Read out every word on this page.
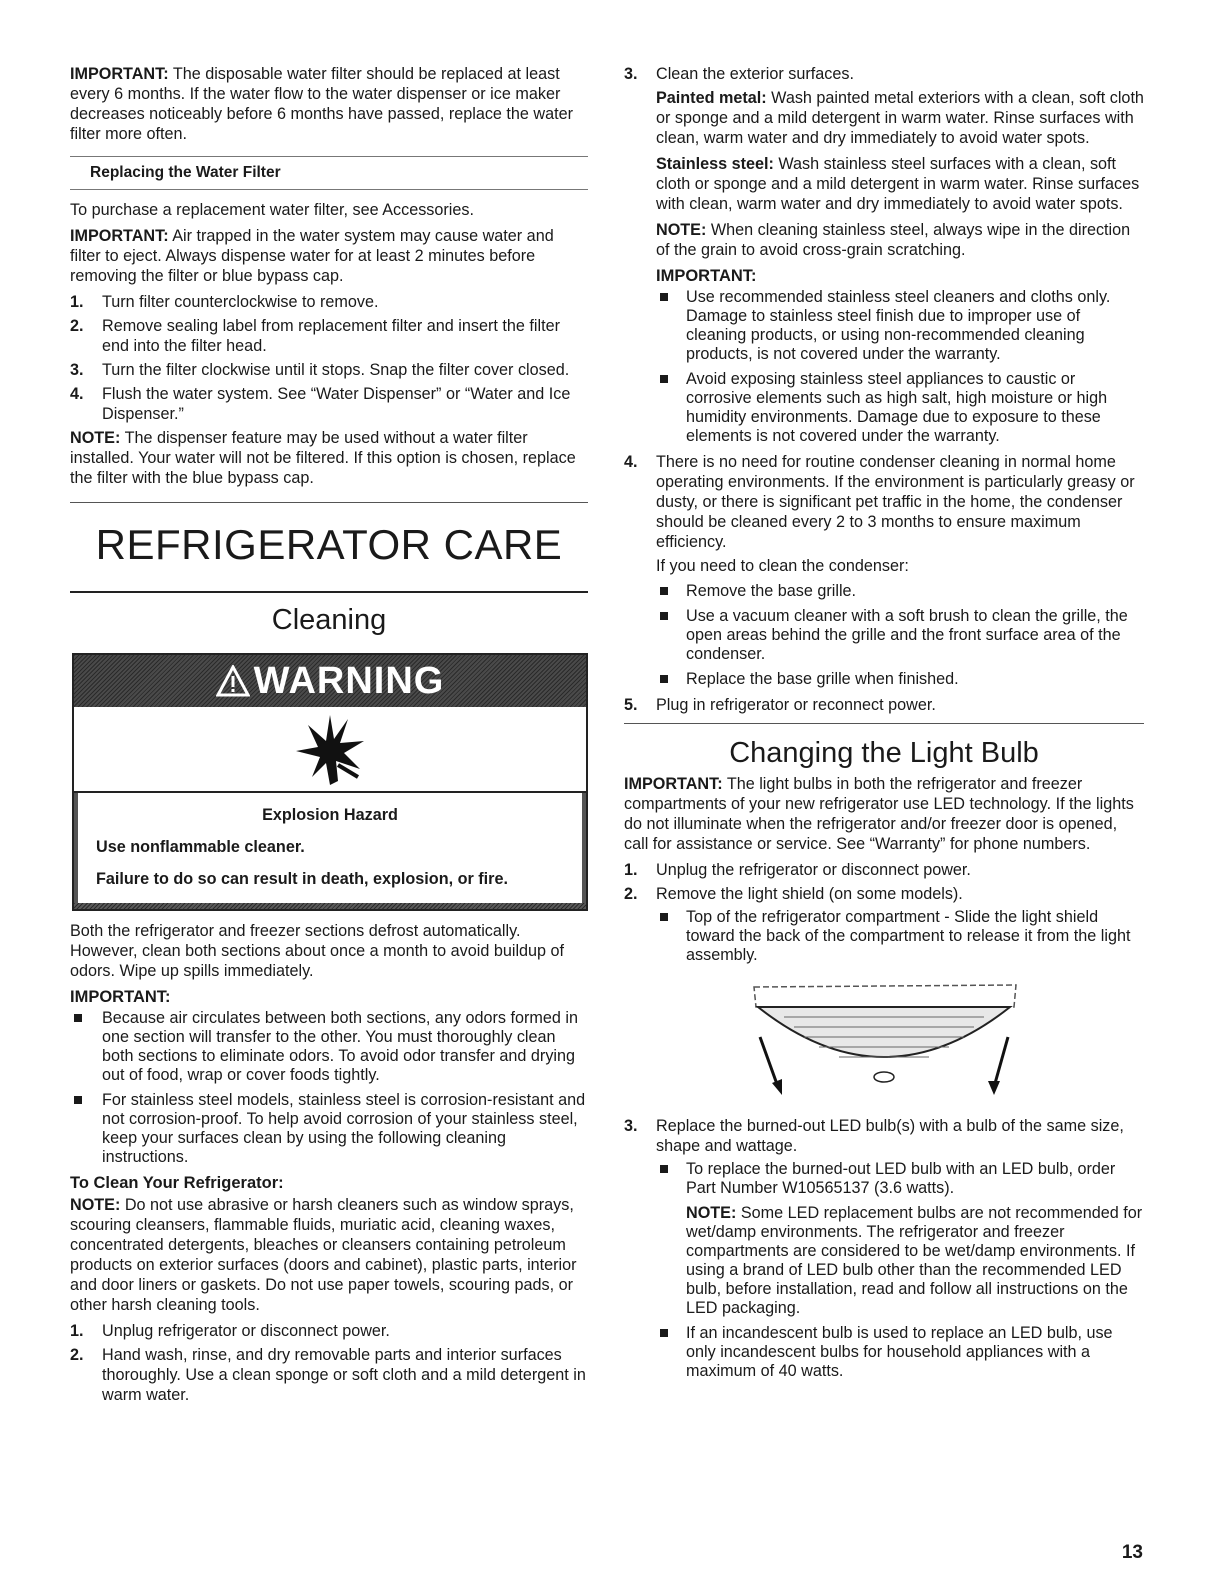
IMPORTANT: The disposable water filter should be replaced at least every 6 months. If the water flow to the water dispenser or ice maker decreases noticeably before 6 months have passed, replace the water filter more often.

Replacing the Water Filter

To purchase a replacement water filter, see Accessories.

IMPORTANT: Air trapped in the water system may cause water and filter to eject. Always dispense water for at least 2 minutes before removing the filter or blue bypass cap.

1. Turn filter counterclockwise to remove.
2. Remove sealing label from replacement filter and insert the filter end into the filter head.
3. Turn the filter clockwise until it stops. Snap the filter cover closed.
4. Flush the water system. See “Water Dispenser” or “Water and Ice Dispenser.”

NOTE: The dispenser feature may be used without a water filter installed. Your water will not be filtered. If this option is chosen, replace the filter with the blue bypass cap.

REFRIGERATOR CARE
Cleaning
WARNING
Explosion Hazard

Use nonflammable cleaner.

Failure to do so can result in death, explosion, or fire.

Both the refrigerator and freezer sections defrost automatically. However, clean both sections about once a month to avoid buildup of odors. Wipe up spills immediately.

IMPORTANT:
Because air circulates between both sections, any odors formed in one section will transfer to the other. You must thoroughly clean both sections to eliminate odors. To avoid odor transfer and drying out of food, wrap or cover foods tightly.
For stainless steel models, stainless steel is corrosion-resistant and not corrosion-proof. To help avoid corrosion of your stainless steel, keep your surfaces clean by using the following cleaning instructions.
To Clean Your Refrigerator:

NOTE: Do not use abrasive or harsh cleaners such as window sprays, scouring cleansers, flammable fluids, muriatic acid, cleaning waxes, concentrated detergents, bleaches or cleansers containing petroleum products on exterior surfaces (doors and cabinet), plastic parts, interior and door liners or gaskets. Do not use paper towels, scouring pads, or other harsh cleaning tools.

1. Unplug refrigerator or disconnect power.
2. Hand wash, rinse, and dry removable parts and interior surfaces thoroughly. Use a clean sponge or soft cloth and a mild detergent in warm water.
3. Clean the exterior surfaces.

Painted metal: Wash painted metal exteriors with a clean, soft cloth or sponge and a mild detergent in warm water. Rinse surfaces with clean, warm water and dry immediately to avoid water spots.

Stainless steel: Wash stainless steel surfaces with a clean, soft cloth or sponge and a mild detergent in warm water. Rinse surfaces with clean, warm water and dry immediately to avoid water spots.

NOTE: When cleaning stainless steel, always wipe in the direction of the grain to avoid cross-grain scratching.

IMPORTANT:
Use recommended stainless steel cleaners and cloths only. Damage to stainless steel finish due to improper use of cleaning products, or using non-recommended cleaning products, is not covered under the warranty.
Avoid exposing stainless steel appliances to caustic or corrosive elements such as high salt, high moisture or high humidity environments. Damage due to exposure to these elements is not covered under the warranty.
4. There is no need for routine condenser cleaning in normal home operating environments. If the environment is particularly greasy or dusty, or there is significant pet traffic in the home, the condenser should be cleaned every 2 to 3 months to ensure maximum efficiency.

If you need to clean the condenser:

Remove the base grille.
Use a vacuum cleaner with a soft brush to clean the grille, the open areas behind the grille and the front surface area of the condenser.
Replace the base grille when finished.
5. Plug in refrigerator or reconnect power.
Changing the Light Bulb

IMPORTANT: The light bulbs in both the refrigerator and freezer compartments of your new refrigerator use LED technology. If the lights do not illuminate when the refrigerator and/or freezer door is opened, call for assistance or service. See “Warranty” for phone numbers.

1. Unplug the refrigerator or disconnect power.
2. Remove the light shield (on some models).
Top of the refrigerator compartment - Slide the light shield toward the back of the compartment to release it from the light assembly.
3. Replace the burned-out LED bulb(s) with a bulb of the same size, shape and wattage.
To replace the burned-out LED bulb with an LED bulb, order Part Number W10565137 (3.6 watts).

NOTE: Some LED replacement bulbs are not recommended for wet/damp environments. The refrigerator and freezer compartments are considered to be wet/damp environments. If using a brand of LED bulb other than the recommended LED bulb, before installation, read and follow all instructions on the LED packaging.

If an incandescent bulb is used to replace an LED bulb, use only incandescent bulbs for household appliances with a maximum of 40 watts.
13
